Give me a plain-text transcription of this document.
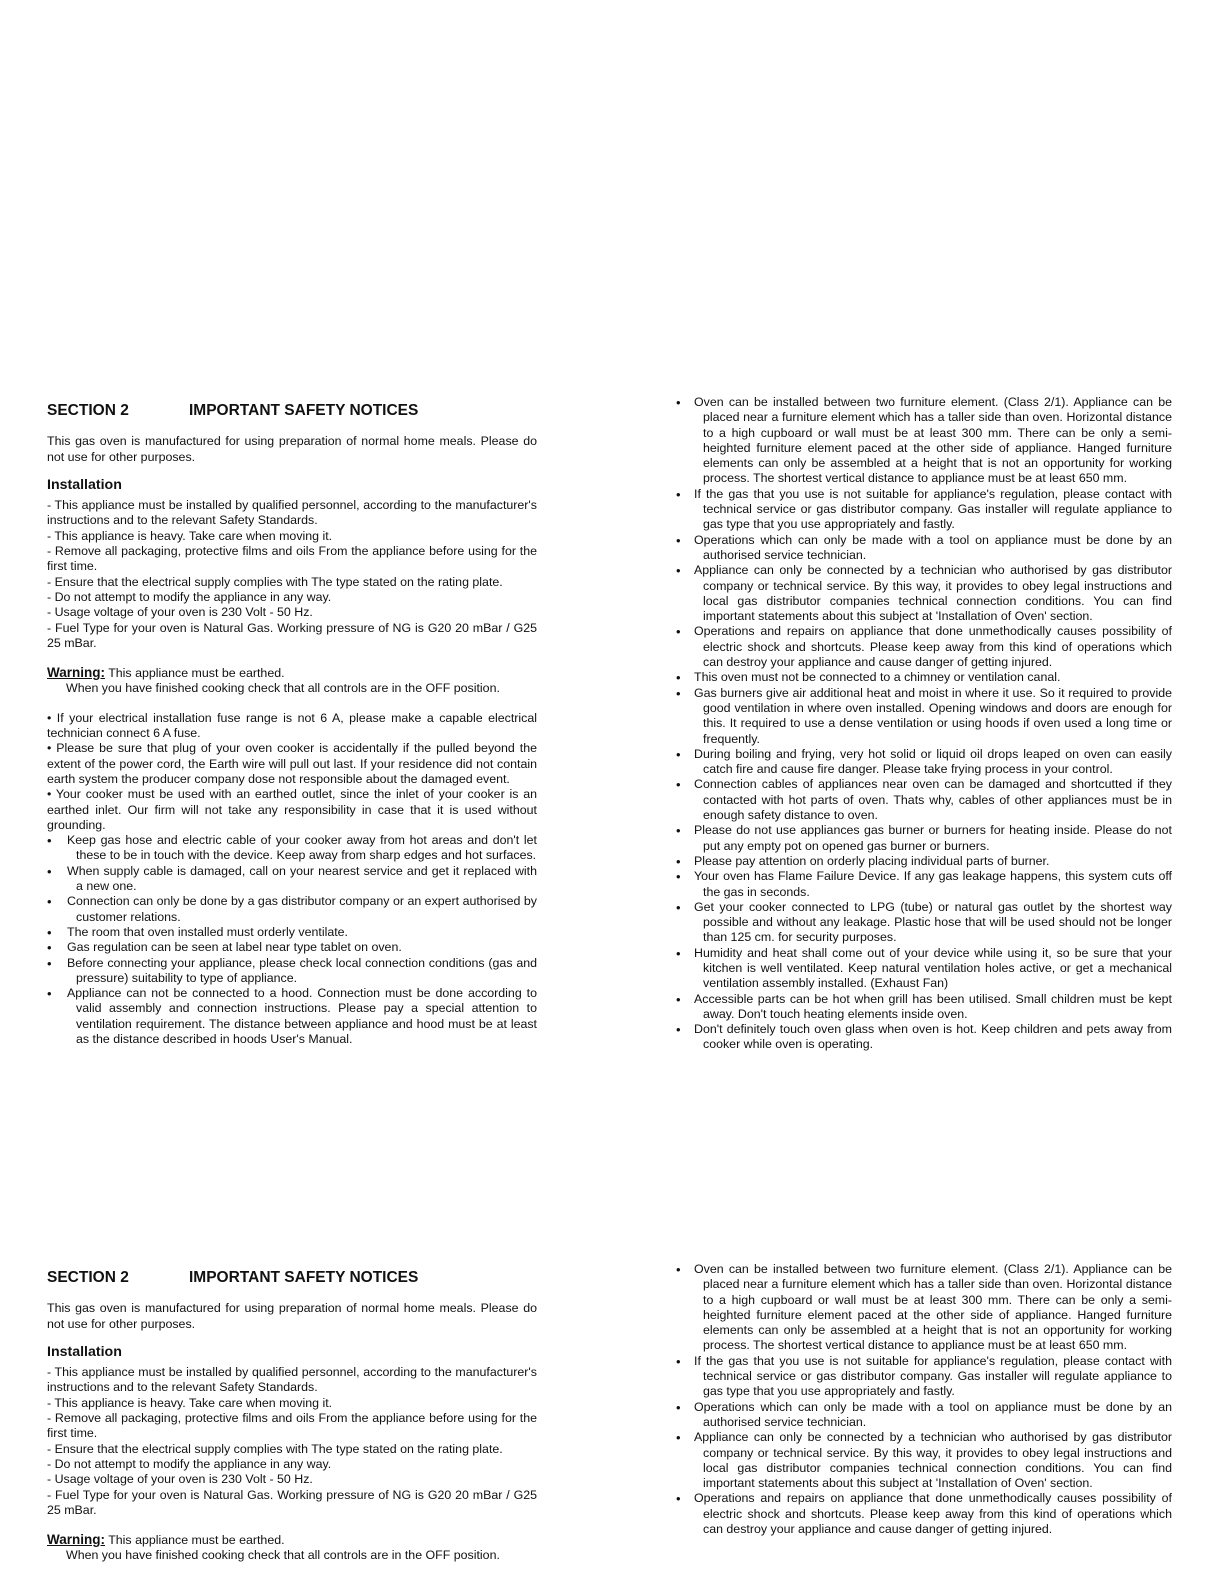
SECTION 2	IMPORTANT SAFETY NOTICES

This gas oven is manufactured for using preparation of normal home meals. Please do not use for other purposes.

Installation
- This appliance must be installed by qualified personnel, according to the manufacturer's instructions and to the relevant Safety Standards.
- This appliance is heavy. Take care when moving it.
- Remove all packaging, protective films and oils From the appliance before using for the first time.
- Ensure that the electrical supply complies with The type stated on the rating plate.
- Do not attempt to modify the appliance in any way.
- Usage voltage of your oven is 230 Volt - 50 Hz.
- Fuel Type for your oven is Natural Gas. Working pressure of NG is G20 20 mBar / G25 25 mBar.

Warning: This appliance must be earthed.

When you have finished cooking check that all controls are in the OFF position.

• If your electrical installation fuse range is not 6 A, please make a capable electrical technician connect 6 A fuse.

• Please be sure that plug of your oven cooker is accidentally if the pulled beyond the extent of the power cord, the Earth wire will pull out last. If your residence did not contain earth system the producer company dose not responsible about the damaged event.

• Your cooker must be used with an earthed outlet, since the inlet of your cooker is an earthed inlet. Our firm will not take any responsibility in case that it is used without grounding.

• Keep gas hose and electric cable of your cooker away from hot areas and don't let these to be in touch with the device. Keep away from sharp edges and hot surfaces.
• When supply cable is damaged, call on your nearest service and get it replaced with a new one.
• Connection can only be done by a gas distributor company or an expert authorised by customer relations.
• The room that oven installed must orderly ventilate.
• Gas regulation can be seen at label near type tablet on oven.
• Before connecting your appliance, please check local connection conditions (gas and pressure) suitability to type of appliance.
• Appliance can not be connected to a hood. Connection must be done according to valid assembly and connection instructions. Please pay a special attention to ventilation requirement. The distance between appliance and hood must be at least as the distance described in hoods User's Manual.
• Oven can be installed between two furniture element. (Class 2/1). Appliance can be placed near a furniture element which has a taller side than oven. Horizontal distance to a high cupboard or wall must be at least 300 mm. There can be only a semi-heighted furniture element paced at the other side of appliance. Hanged furniture elements can only be assembled at a height that is not an opportunity for working process. The shortest vertical distance to appliance must be at least 650 mm.
• If the gas that you use is not suitable for appliance's regulation, please contact with technical service or gas distributor company. Gas installer will regulate appliance to gas type that you use appropriately and fastly.
• Operations which can only be made with a tool on appliance must be done by an authorised service technician.
• Appliance can only be connected by a technician who authorised by gas distributor company or technical service. By this way, it provides to obey legal instructions and local gas distributor companies technical connection conditions. You can find important statements about this subject at 'Installation of Oven' section.
• Operations and repairs on appliance that done unmethodically causes possibility of electric shock and shortcuts. Please keep away from this kind of operations which can destroy your appliance and cause danger of getting injured.
• This oven must not be connected to a chimney or ventilation canal.
• Gas burners give air additional heat and moist in where it use. So it required to provide good ventilation in where oven installed. Opening windows and doors are enough for this. It required to use a dense ventilation or using hoods if oven used a long time or frequently.
• During boiling and frying, very hot solid or liquid oil drops leaped on oven can easily catch fire and cause fire danger. Please take frying process in your control.
• Connection cables of appliances near oven can be damaged and shortcutted if they contacted with hot parts of oven. Thats why, cables of other appliances must be in enough safety distance to oven.
• Please do not use appliances gas burner or burners for heating inside. Please do not put any empty pot on opened gas burner or burners.
• Please pay attention on orderly placing individual parts of burner.
• Your oven has Flame Failure Device. If any gas leakage happens, this system cuts off the gas in seconds.
• Get your cooker connected to LPG (tube) or natural gas outlet by the shortest way possible and without any leakage. Plastic hose that will be used should not be longer than 125 cm. for security purposes.
• Humidity and heat shall come out of your device while using it, so be sure that your kitchen is well ventilated. Keep natural ventilation holes active, or get a mechanical ventilation assembly installed. (Exhaust Fan)
• Accessible parts can be hot when grill has been utilised. Small children must be kept away. Don't touch heating elements inside oven.
• Don't definitely touch oven glass when oven is hot. Keep children and pets away from cooker while oven is operating.
SECTION 2	IMPORTANT SAFETY NOTICES

This gas oven is manufactured for using preparation of normal home meals. Please do not use for other purposes.

Installation
- This appliance must be installed by qualified personnel, according to the manufacturer's instructions and to the relevant Safety Standards.
- This appliance is heavy. Take care when moving it.
- Remove all packaging, protective films and oils From the appliance before using for the first time.
- Ensure that the electrical supply complies with The type stated on the rating plate.
- Do not attempt to modify the appliance in any way.
- Usage voltage of your oven is 230 Volt - 50 Hz.
- Fuel Type for your oven is Natural Gas. Working pressure of NG is G20 20 mBar / G25 25 mBar.

Warning: This appliance must be earthed.

When you have finished cooking check that all controls are in the OFF position.

• Oven can be installed between two furniture element. (Class 2/1). Appliance can be placed near a furniture element which has a taller side than oven. Horizontal distance to a high cupboard or wall must be at least 300 mm. There can be only a semi-heighted furniture element paced at the other side of appliance. Hanged furniture elements can only be assembled at a height that is not an opportunity for working process. The shortest vertical distance to appliance must be at least 650 mm.
• If the gas that you use is not suitable for appliance's regulation, please contact with technical service or gas distributor company. Gas installer will regulate appliance to gas type that you use appropriately and fastly.
• Operations which can only be made with a tool on appliance must be done by an authorised service technician.
• Appliance can only be connected by a technician who authorised by gas distributor company or technical service. By this way, it provides to obey legal instructions and local gas distributor companies technical connection conditions. You can find important statements about this subject at 'Installation of Oven' section.
• Operations and repairs on appliance that done unmethodically causes possibility of electric shock and shortcuts. Please keep away from this kind of operations which can destroy your appliance and cause danger of getting injured.
